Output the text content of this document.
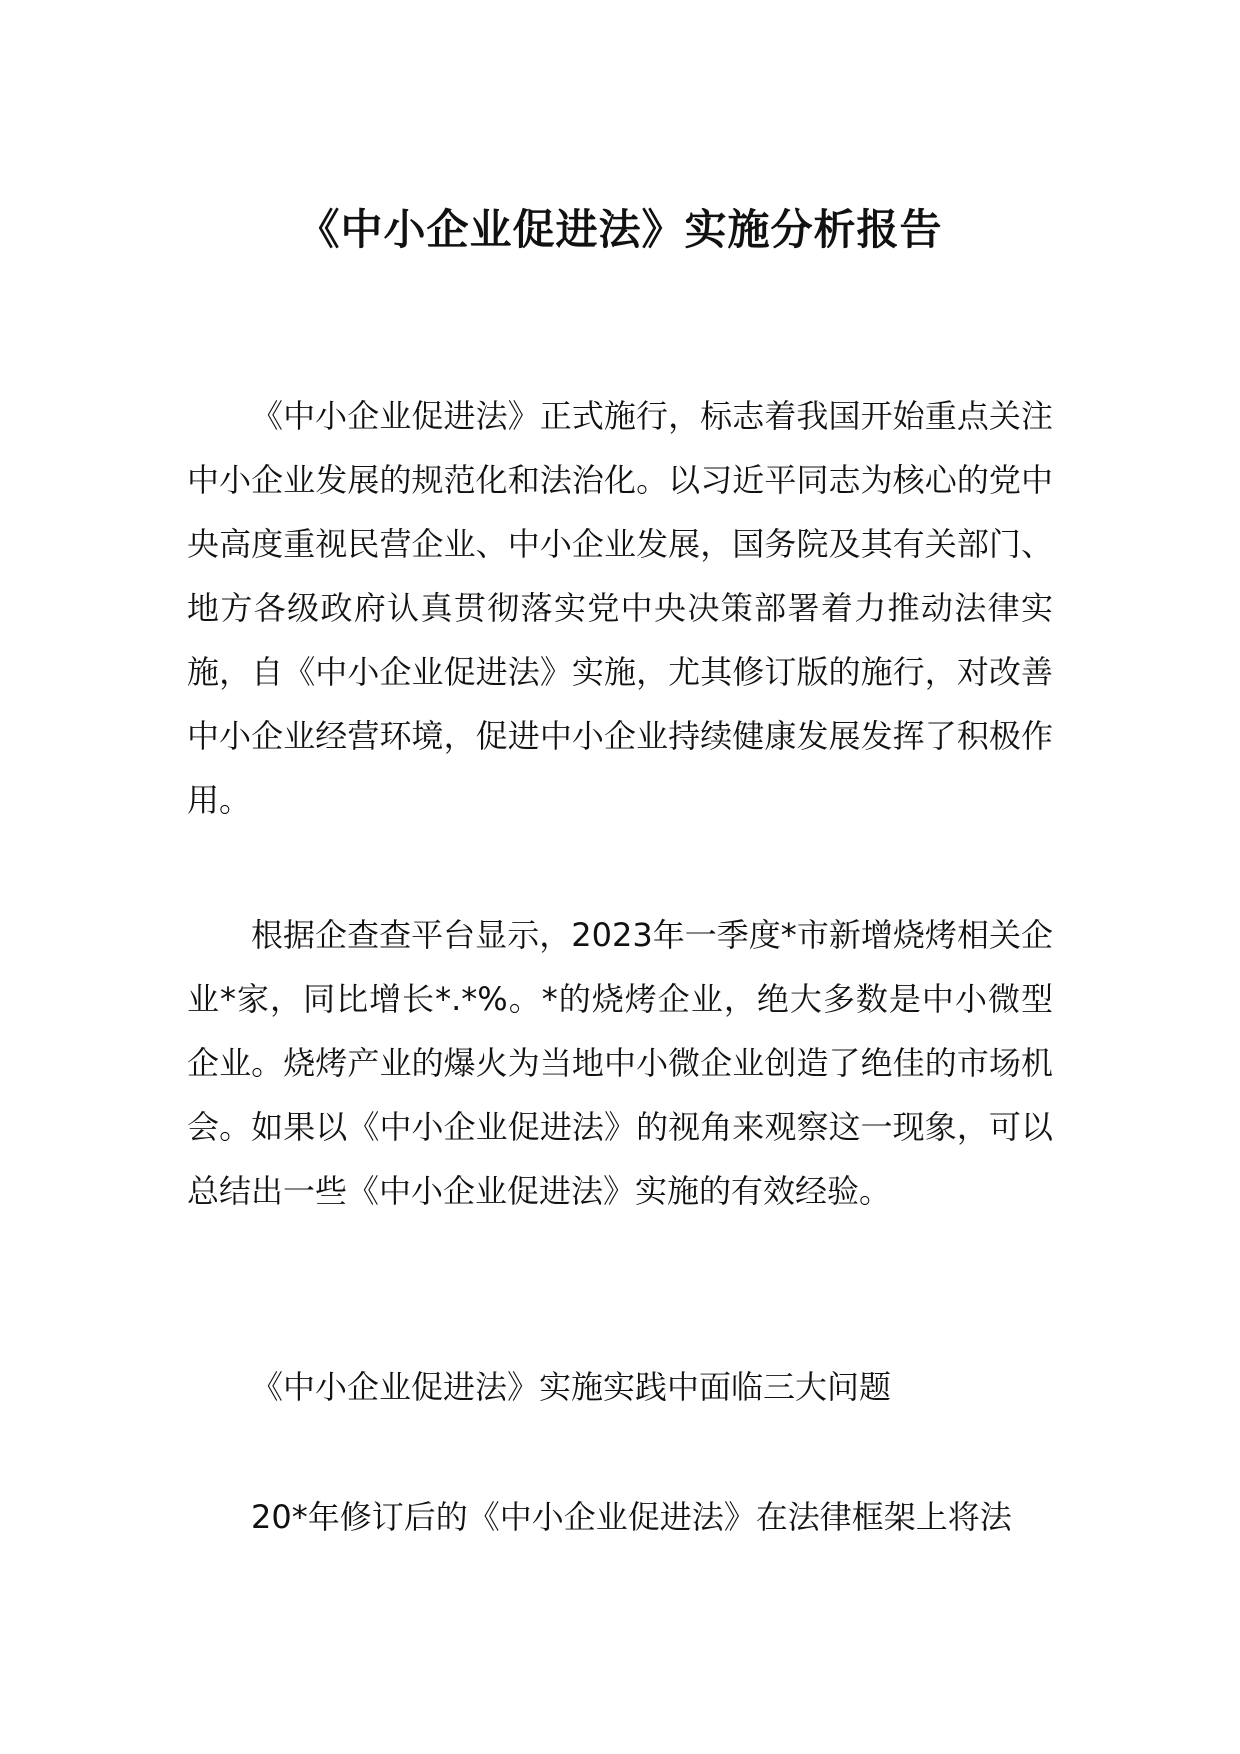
《中小企业促进法》实施分析报告

《中小企业促进法》正式施行，标志着我国开始重点关注中小企业发展的规范化和法治化。以习近平同志为核心的党中央高度重视民营企业、中小企业发展，国务院及其有关部门、地方各级政府认真贯彻落实党中央决策部署着力推动法律实施，自《中小企业促进法》实施，尤其修订版的施行，对改善中小企业经营环境，促进中小企业持续健康发展发挥了积极作用。

根据企查查平台显示，2023年一季度*市新增烧烤相关企业*家，同比增长*.*%。*的烧烤企业，绝大多数是中小微型企业。烧烤产业的爆火为当地中小微企业创造了绝佳的市场机会。如果以《中小企业促进法》的视角来观察这一现象，可以总结出一些《中小企业促进法》实施的有效经验。

《中小企业促进法》实施实践中面临三大问题

20*年修订后的《中小企业促进法》在法律框架上将法
